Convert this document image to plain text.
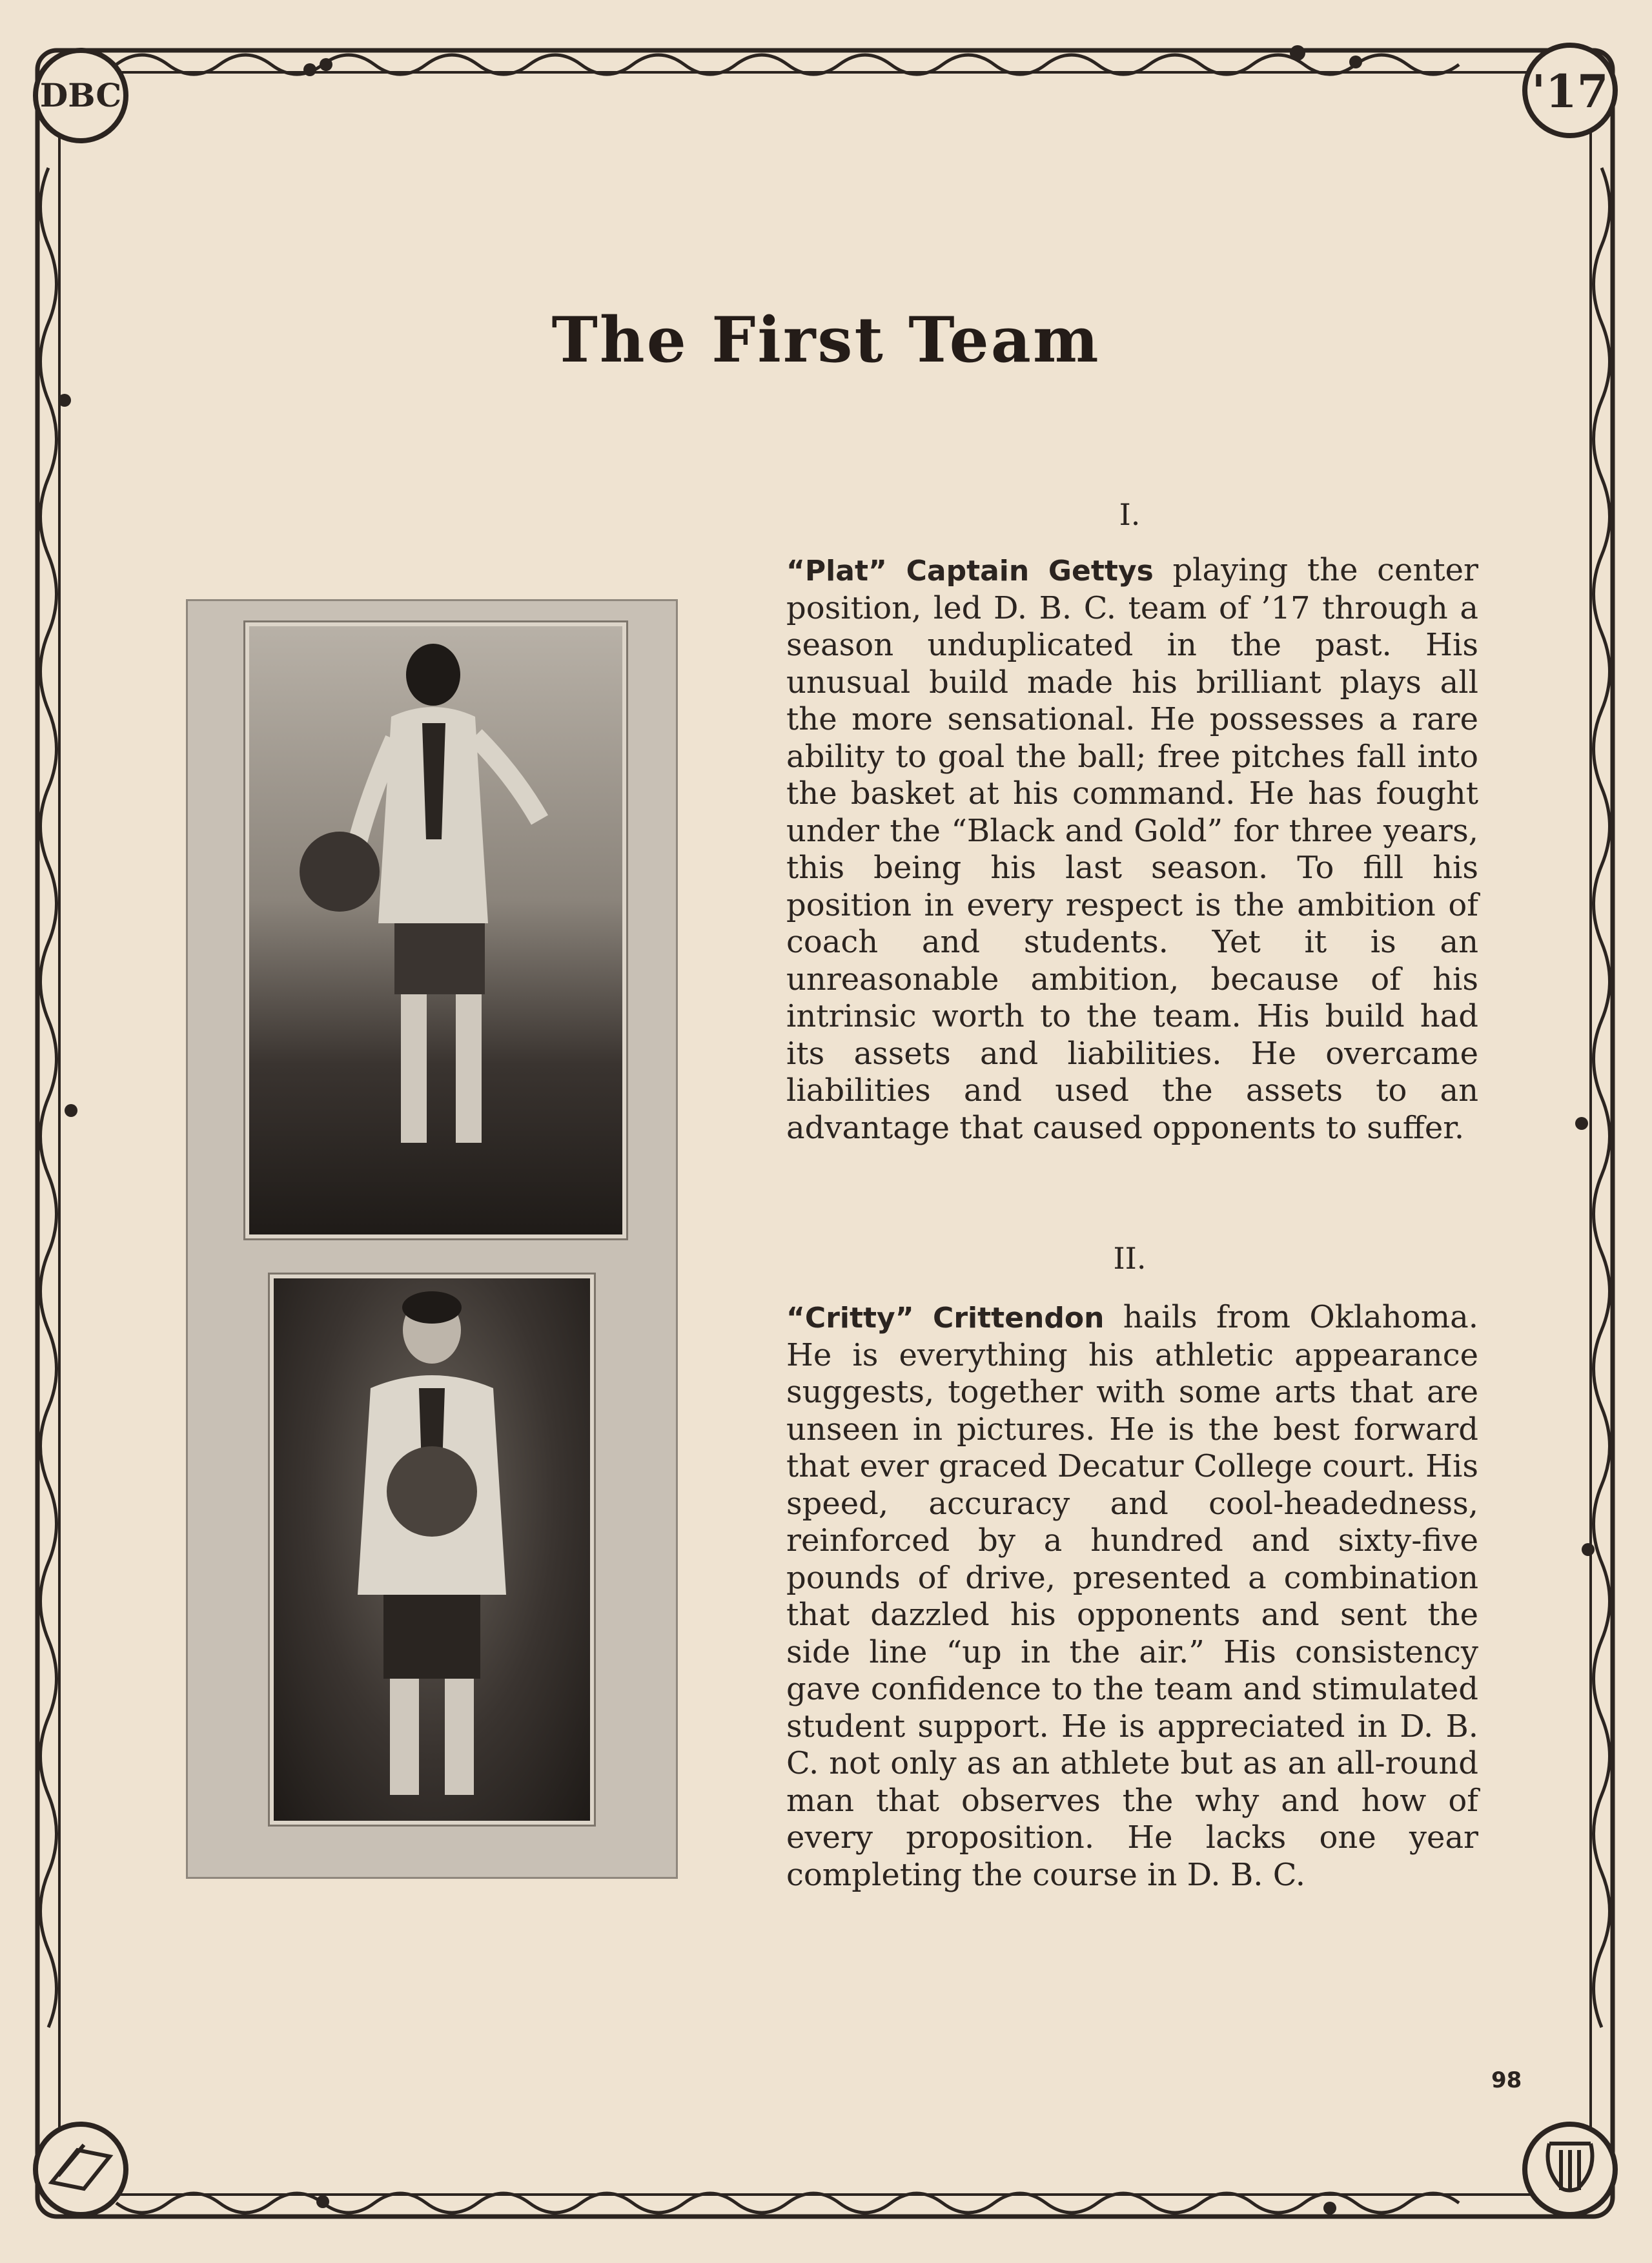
DBC	'17
The First Team
I.
“Plat” Captain Gettys playing the center position, led D. B. C. team of ’17 through a season unduplicated in the past. His unusual build made his brilliant plays all the more sensational. He possesses a rare ability to goal the ball; free pitches fall into the basket at his command. He has fought under the “Black and Gold” for three years, this being his last season. To fill his position in every respect is the ambition of coach and students. Yet it is an unreasonable ambition, because of his intrinsic worth to the team. His build had its assets and liabilities. He overcame liabilities and used the assets to an advantage that caused opponents to suffer.
II.
“Critty” Crittendon hails from Oklahoma. He is everything his athletic appearance suggests, together with some arts that are unseen in pictures. He is the best forward that ever graced Decatur College court. His speed, accuracy and cool-headedness, reinforced by a hundred and sixty-five pounds of drive, presented a combination that dazzled his opponents and sent the side line “up in the air.” His consistency gave confidence to the team and stimulated student support. He is appreciated in D. B. C. not only as an athlete but as an all-round man that observes the why and how of every proposition. He lacks one year completing the course in D. B. C.
98
